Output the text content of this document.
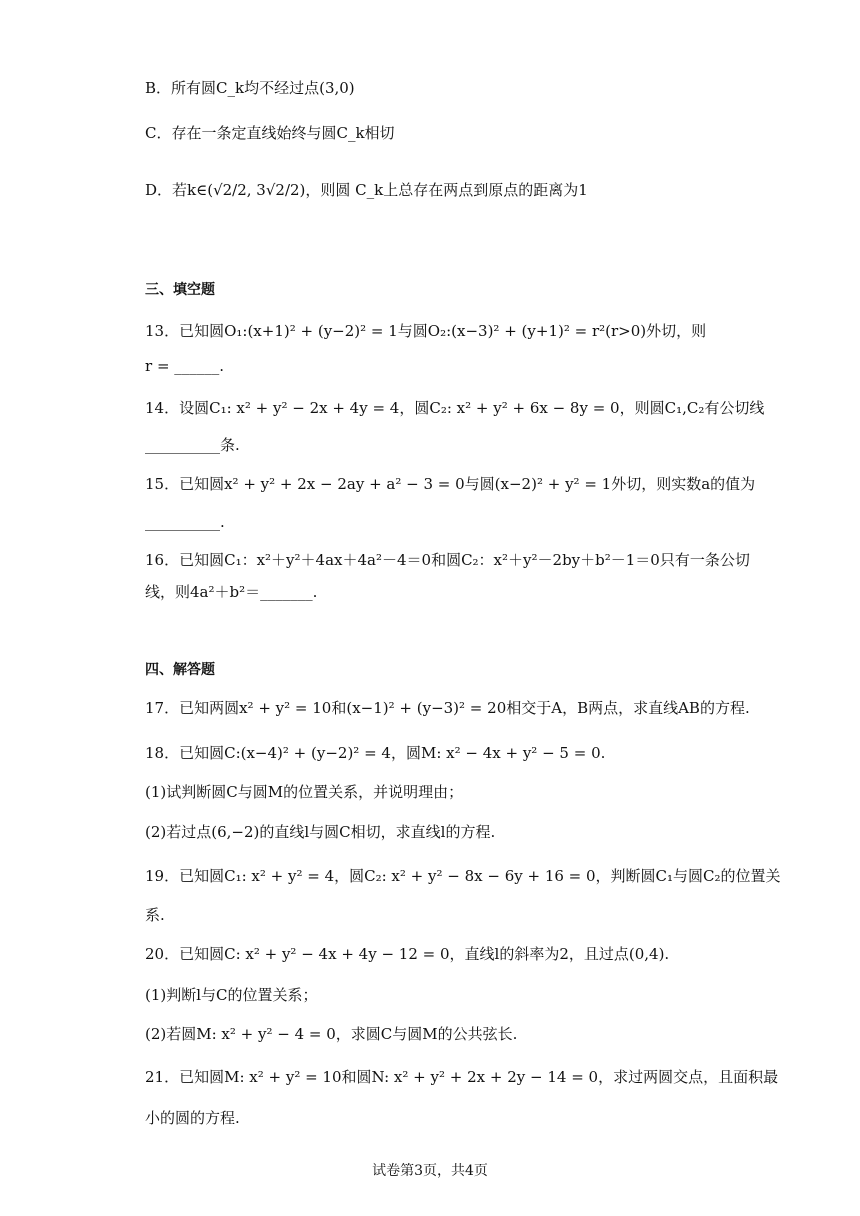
B．所有圆C_k均不经过点(3,0)
C．存在一条定直线始终与圆C_k相切
D．若k∈(√2/2, 3√2/2)，则圆 C_k上总存在两点到原点的距离为1
三、填空题
13．已知圆O₁:(x+1)² + (y−2)² = 1与圆O₂:(x−3)² + (y+1)² = r²(r>0)外切，则
r = ______.
14．设圆C₁: x² + y² − 2x + 4y = 4，圆C₂: x² + y² + 6x − 8y = 0，则圆C₁,C₂有公切线
__________条.
15．已知圆x² + y² + 2x − 2ay + a² − 3 = 0与圆(x−2)² + y² = 1外切，则实数a的值为
__________.
16．已知圆C₁：x²＋y²＋4ax＋4a²－4＝0和圆C₂：x²＋y²－2by＋b²－1＝0只有一条公切
线，则4a²＋b²＝_______.
四、解答题
17．已知两圆x² + y² = 10和(x−1)² + (y−3)² = 20相交于A，B两点，求直线AB的方程.
18．已知圆C:(x−4)² + (y−2)² = 4，圆M: x² − 4x + y² − 5 = 0.
(1)试判断圆C与圆M的位置关系，并说明理由；
(2)若过点(6,−2)的直线l与圆C相切，求直线l的方程.
19．已知圆C₁: x² + y² = 4，圆C₂: x² + y² − 8x − 6y + 16 = 0，判断圆C₁与圆C₂的位置关
系.
20．已知圆C: x² + y² − 4x + 4y − 12 = 0，直线l的斜率为2，且过点(0,4).
(1)判断l与C的位置关系；
(2)若圆M: x² + y² − 4 = 0，求圆C与圆M的公共弦长.
21．已知圆M: x² + y² = 10和圆N: x² + y² + 2x + 2y − 14 = 0，求过两圆交点，且面积最
小的圆的方程.
试卷第3页，共4页
